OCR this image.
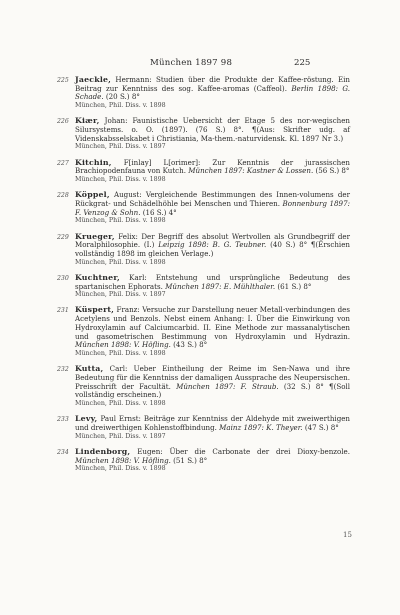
München 1897 98	225
225 Jaeckle, Hermann: Studien über die Produkte der Kaffee-röstung. Ein Beitrag zur Kenntniss des sog. Kaffee-aromas (Caffeol). Berlin 1898: G. Schade. (20 S.) 8°
München, Phil. Diss. v. 1898
226 Kiær, Johan: Faunistische Uebersicht der Etage 5 des nor-wegischen Silursystems. o. O. (1897). (76 S.) 8°. ¶(Aus: Skrifter udg. af Videnskabsselskabet i Christiania, Ma-them.-naturvidensk. Kl. 1897 Nr 3.)
München, Phil. Diss. v. 1897
227 Kitchin, F[inlay] L[orimer]: Zur Kenntnis der jurassischen Brachiopodenfauna von Kutch. München 1897: Kastner & Lossen. (56 S.) 8°
München, Phil. Diss. v. 1898
228 Köppel, August: Vergleichende Bestimmungen des Innen-volumens der Rückgrat- und Schädelhöhle bei Menschen und Thieren. Bonnenburg 1897: F. Venzog & Sohn. (16 S.) 4°
München, Phil. Diss. v. 1898
229 Krueger, Felix: Der Begriff des absolut Wertvollen als Grundbegriff der Moralphilosophie. (I.) Leipzig 1898: B. G. Teubner. (40 S.) 8° ¶(Erschien vollständig 1898 im gleichen Verlage.)
München, Phil. Diss. v. 1898
230 Kuchtner, Karl: Entstehung und ursprüngliche Bedeutung des spartanischen Ephorats. München 1897: E. Mühlthaler. (61 S.) 8°
München, Phil. Diss. v. 1897
231 Küspert, Franz: Versuche zur Darstellung neuer Metall-verbindungen des Acetylens und Benzols. Nebst einem Anhang: I. Über die Einwirkung von Hydroxylamin auf Calciumcarbid. II. Eine Methode zur massanalytischen und gasometrischen Bestimmung von Hydroxylamin und Hydrazin. München 1898: V. Höfling. (43 S.) 8°
München, Phil. Diss. v. 1898
232 Kutta, Carl: Ueber Eintheilung der Reime im Sen-Nawa und ihre Bedeutung für die Kenntniss der damaligen Aussprache des Neupersischen. Preisschrift der Facultät. München 1897: F. Straub. (32 S.) 8° ¶(Soll vollständig erscheinen.)
München, Phil. Diss. v. 1898
233 Levy, Paul Ernst: Beiträge zur Kenntniss der Aldehyde mit zweiwerthigen und dreiwerthigen Kohlenstoffbindung. Mainz 1897: K. Theyer. (47 S.) 8°
München, Phil. Diss. v. 1897
234 Lindenborg, Eugen: Über die Carbonate der drei Dioxy-benzole. München 1898: V. Höfling. (51 S.) 8°
München, Phil. Diss. v. 1898
15
